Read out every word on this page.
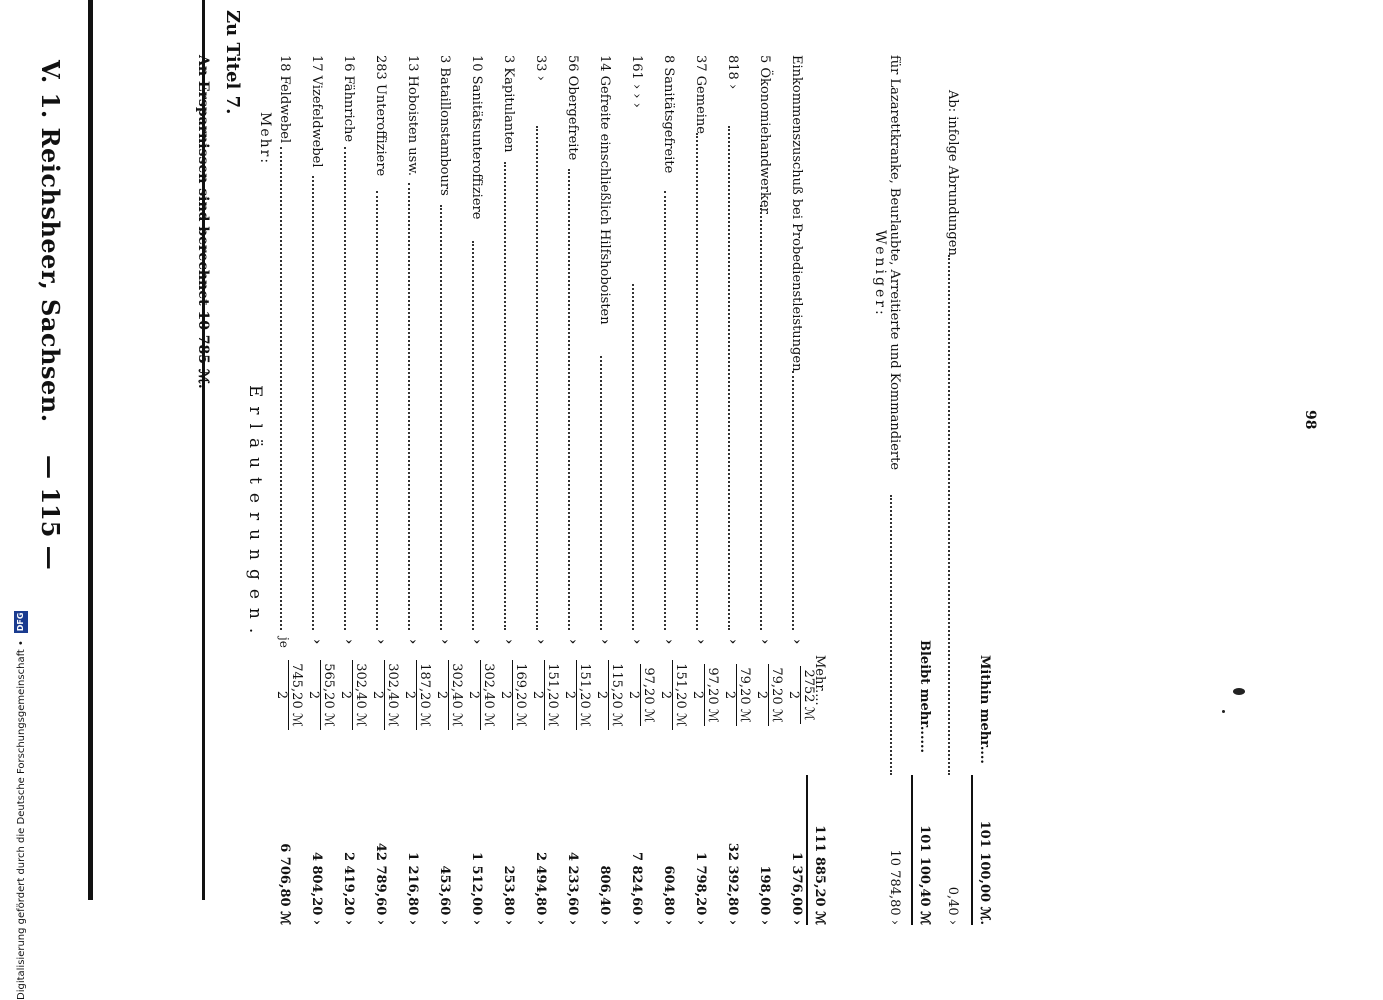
V. 1. Reichsheer, Sachsen.
— 115 —	Erläuterungen.
Zu Titel 7.
Mehr: 18 Feldwebel
je
745,20 ℳ
2
6 706,80 ℳ
17 Vizefeldwebel
›
565,20 ℳ
2
4 804,20 ›
16 Fähnriche
›
302,40 ℳ
2
2 419,20 ›
283 Unteroffiziere
›
302,40 ℳ
2
42 789,60 ›
13 Hoboisten usw.
›
187,20 ℳ
2
1 216,80 ›
3 Bataillonstambours
›
302,40 ℳ
2
453,60 ›
10 Sanitätsunteroffiziere
›
302,40 ℳ
2
1 512,00 ›
3 Kapitulanten
›
169,20 ℳ
2
253,80 ›
33 ›
›
151,20 ℳ
2
2 494,80 ›
56 Obergefreite
›
151,20 ℳ
2
4 233,60 ›
14 Gefreite einschließlich Hilfshoboisten
›
115,20 ℳ
2
806,40 ›
161 › › ›
›
97,20 ℳ
2
7 824,60 ›
8 Sanitätsgefreite
›
151,20 ℳ
2
604,80 ›
37 Gemeine
›
97,20 ℳ
2
1 798,20 ›
818 ›
›
79,20 ℳ
2
32 392,80 ›
5 Ökonomiehandwerker
›
79,20 ℳ
2
198,00 ›
Einkommenszuschuß bei Probedienstleistungen
›
2752 ℳ
2
1 376,00 ›
Mehr....
111 885,20 ℳ
Weniger: für Lazarettkranke, Beurlaubte, Arreitierte und Kommandierte
10 784,80 ›
Bleibt mehr......
101 100,40 ℳ
Ab: infolge Abrundungen
0,40 ›
Mithin mehr....
101 100,00 ℳ.
An Ersparnissen sind berechnet 10 785 ℳ.
98
Digitalisierung gefördert durch die Deutsche Forschungsgemeinschaft • DFG
